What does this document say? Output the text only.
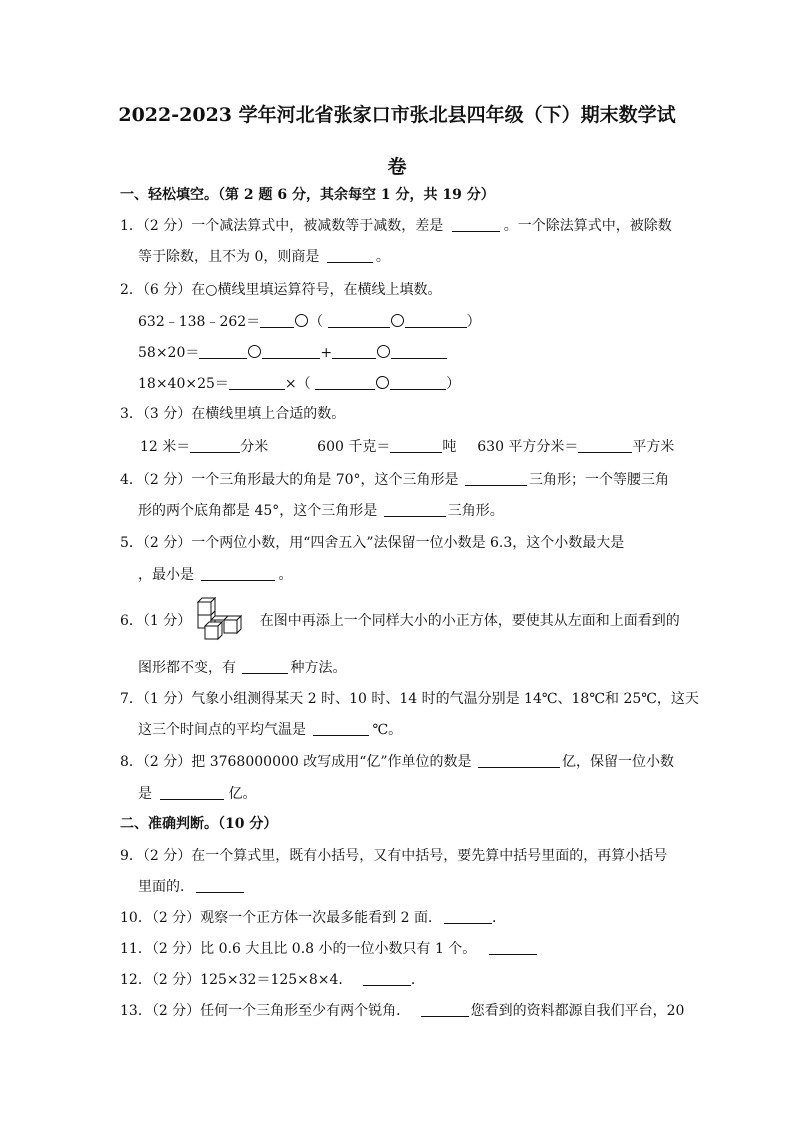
2022-2023 学年河北省张家口市张北县四年级（下）期末数学试
卷
一、轻松填空。（第 2 题 6 分，其余每空 1 分，共 19 分）
1．（2 分）一个减法算式中，被减数等于减数，差是	。一个除法算式中，被除数
等于除数，且不为 0，则商是	。
2．（6 分）在○横线里填运算符号，在横线上填数。
632﹣138﹣262＝	（	）
58×20＝	+
18×40×25＝	×（	）
3．（3 分）在横线里填上合适的数。
12 米＝	分米	600 千克＝	吨 630 平方分米＝	平方米
4．（2 分）一个三角形最大的角是 70°，这个三角形是	三角形；一个等腰三角
形的两个底角都是 45°，这个三角形是	三角形。
5．（2 分）一个两位小数，用“四舍五入”法保留一位小数是 6.3，这个小数最大是
，最小是	。
6．（1 分）	在图中再添上一个同样大小的小正方体，要使其从左面和上面看到的
图形都不变，有	种方法。
7．（1 分）气象小组测得某天 2 时、10 时、14 时的气温分别是 14℃、18℃和 25℃，这天
这三个时间点的平均气温是	℃。
8．（2 分）把 3768000000 改写成用“亿”作单位的数是	亿，保留一位小数
是	亿。
二、准确判断。（10 分）
9．（2 分）在一个算式里，既有小括号，又有中括号，要先算中括号里面的，再算小括号
里面的．
10．（2 分）观察一个正方体一次最多能看到 2 面．	．
11．（2 分）比 0.6 大且比 0.8 小的一位小数只有 1 个。
12．（2 分）125×32＝125×8×4．	．
13．（2 分）任何一个三角形至少有两个锐角．	您看到的资料都源自我们平台，20
